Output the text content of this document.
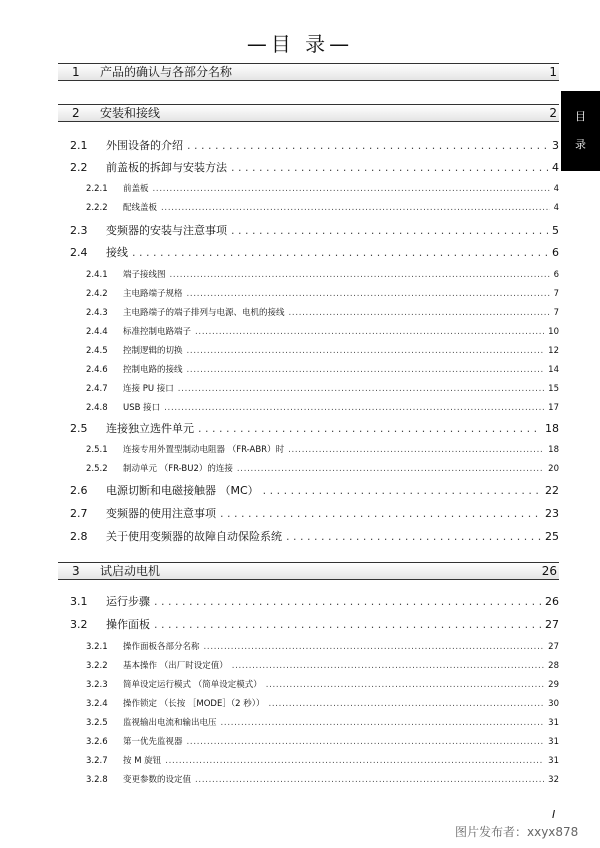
—目 录—
目
录
1 产品的确认与各部分名称	1
2 安装和接线	2
2.1	外围设备的介绍 . . .	3
2.2	前盖板的拆卸与安装方法 . . .	4
2.2.1	前盖板 . . .	4
2.2.2	配线盖板 . . .	4
2.3	变频器的安装与注意事项 . . .	5
2.4	接线 . . .	6
2.4.1	端子接线图 . . .	6
2.4.2	主电路端子规格 . . .	7
2.4.3	主电路端子的端子排列与电源、电机的接线 . . .	7
2.4.4	标准控制电路端子 . . .	10
2.4.5	控制逻辑的切换 . . .	12
2.4.6	控制电路的接线 . . .	14
2.4.7	连接 PU 接口 . . .	15
2.4.8	USB 接口 . . .	17
2.5	连接独立选件单元 . . .	18
2.5.1	连接专用外置型制动电阻器 （FR-ABR）时 . . .	18
2.5.2	制动单元 （FR-BU2）的连接 . . .	20
2.6	电源切断和电磁接触器 （MC） . . .	22
2.7	变频器的使用注意事项 . . .	23
2.8	关于使用变频器的故障自动保险系统 . . .	25
3 试启动电机	26
3.1	运行步骤 . . .	26
3.2	操作面板 . . .	27
3.2.1	操作面板各部分名称 . . .	27
3.2.2	基本操作 （出厂时设定值） . . .	28
3.2.3	简单设定运行模式 （简单设定模式） . . .	29
3.2.4	操作锁定 （长按 ［MODE］（2 秒）） . . .	30
3.2.5	监视输出电流和输出电压 . . .	31
3.2.6	第一优先监视器 . . .	31
3.2.7	按 M 旋钮 . . .	31
3.2.8	变更参数的设定值 . . .	32
I
图片发布者：xxyx878
